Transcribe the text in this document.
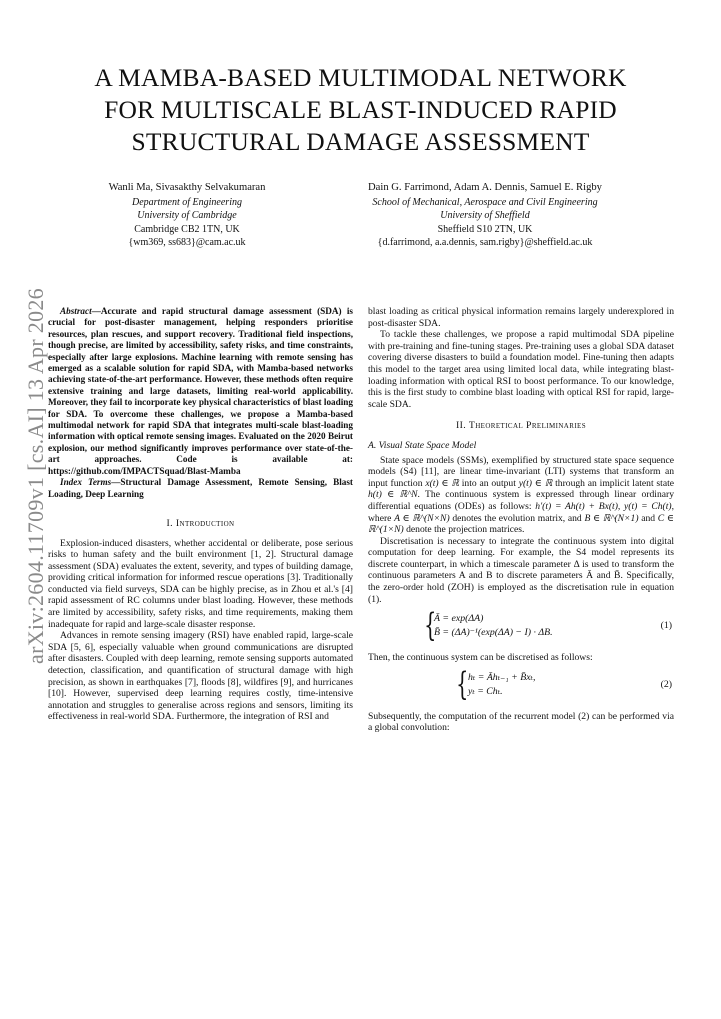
A MAMBA-BASED MULTIMODAL NETWORK
FOR MULTISCALE BLAST-INDUCED RAPID
STRUCTURAL DAMAGE ASSESSMENT
Wanli Ma, Sivasakthy Selvakumaran
Department of Engineering
University of Cambridge
Cambridge CB2 1TN, UK
{wm369, ss683}@cam.ac.uk
Dain G. Farrimond, Adam A. Dennis, Samuel E. Rigby
School of Mechanical, Aerospace and Civil Engineering
University of Sheffield
Sheffield S10 2TN, UK
{d.farrimond, a.a.dennis, sam.rigby}@sheffield.ac.uk
arXiv:2604.11709v1 [cs.AI] 13 Apr 2026	Abstract—Accurate and rapid structural damage assessment (SDA) is crucial for post-disaster management, helping responders prioritise resources, plan rescues, and support recovery. Traditional field inspections, though precise, are limited by accessibility, safety risks, and time constraints, especially after large explosions. Machine learning with remote sensing has emerged as a scalable solution for rapid SDA, with Mamba-based networks achieving state-of-the-art performance. However, these methods often require extensive training and large datasets, limiting real-world applicability. Moreover, they fail to incorporate key physical characteristics of blast loading for SDA. To overcome these challenges, we propose a Mamba-based multimodal network for rapid SDA that integrates multi-scale blast-loading information with optical remote sensing images. Evaluated on the 2020 Beirut explosion, our method significantly improves performance over state-of-the-art approaches. Code is available at: https://github.com/IMPACTSquad/Blast-Mamba

Index Terms—Structural Damage Assessment, Remote Sensing, Blast Loading, Deep Learning

I. Introduction

Explosion-induced disasters, whether accidental or deliberate, pose serious risks to human safety and the built environment [1, 2]. Structural damage assessment (SDA) evaluates the extent, severity, and types of building damage, providing critical information for informed rescue operations [3]. Traditionally conducted via field surveys, SDA can be highly precise, as in Zhou et al.'s [4] rapid assessment of RC columns under blast loading. However, these methods are limited by accessibility, safety risks, and time requirements, making them inadequate for rapid and large-scale disaster response.

Advances in remote sensing imagery (RSI) have enabled rapid, large-scale SDA [5, 6], especially valuable when ground communications are disrupted after disasters. Coupled with deep learning, remote sensing supports automated detection, classification, and quantification of structural damage with high precision, as shown in earthquakes [7], floods [8], wildfires [9], and hurricanes [10]. However, supervised deep learning requires costly, time-intensive annotation and struggles to generalise across regions and sensors, limiting its effectiveness in real-world SDA. Furthermore, the integration of RSI and

blast loading as critical physical information remains largely underexplored in post-disaster SDA.

To tackle these challenges, we propose a rapid multimodal SDA pipeline with pre-training and fine-tuning stages. Pre-training uses a global SDA dataset covering diverse disasters to build a foundation model. Fine-tuning then adapts this model to the target area using limited local data, while integrating blast-loading information with optical RSI to boost performance. To our knowledge, this is the first study to combine blast loading with optical RSI for rapid, large-scale SDA.

II. Theoretical Preliminaries
A. Visual State Space Model

State space models (SSMs), exemplified by structured state space sequence models (S4) [11], are linear time-invariant (LTI) systems that transform an input function x(t) ∈ ℝ into an output y(t) ∈ ℝ through an implicit latent state h(t) ∈ ℝ^N. The continuous system is expressed through linear ordinary differential equations (ODEs) as follows: h′(t) = Ah(t) + Bx(t), y(t) = Ch(t), where A ∈ ℝ^(N×N) denotes the evolution matrix, and B ∈ ℝ^(N×1) and C ∈ ℝ^(1×N) denote the projection matrices.

Discretisation is necessary to integrate the continuous system into digital computation for deep learning. For example, the S4 model represents its discrete counterpart, in which a timescale parameter Δ is used to transform the continuous parameters A and B to discrete parameters Ā and B̄. Specifically, the zero-order hold (ZOH) is employed as the discretisation rule in equation (1).

{
Ā = exp(ΔA)
B̄ = (ΔA)⁻¹(exp(ΔA) − I) · ΔB.
(1)

Then, the continuous system can be discretised as follows:

{ hₜ = Āhₜ₋₁ + B̄xₜ,
yₜ = Chₜ.
(2)

Subsequently, the computation of the recurrent model (2) can be performed via a global convolution:
